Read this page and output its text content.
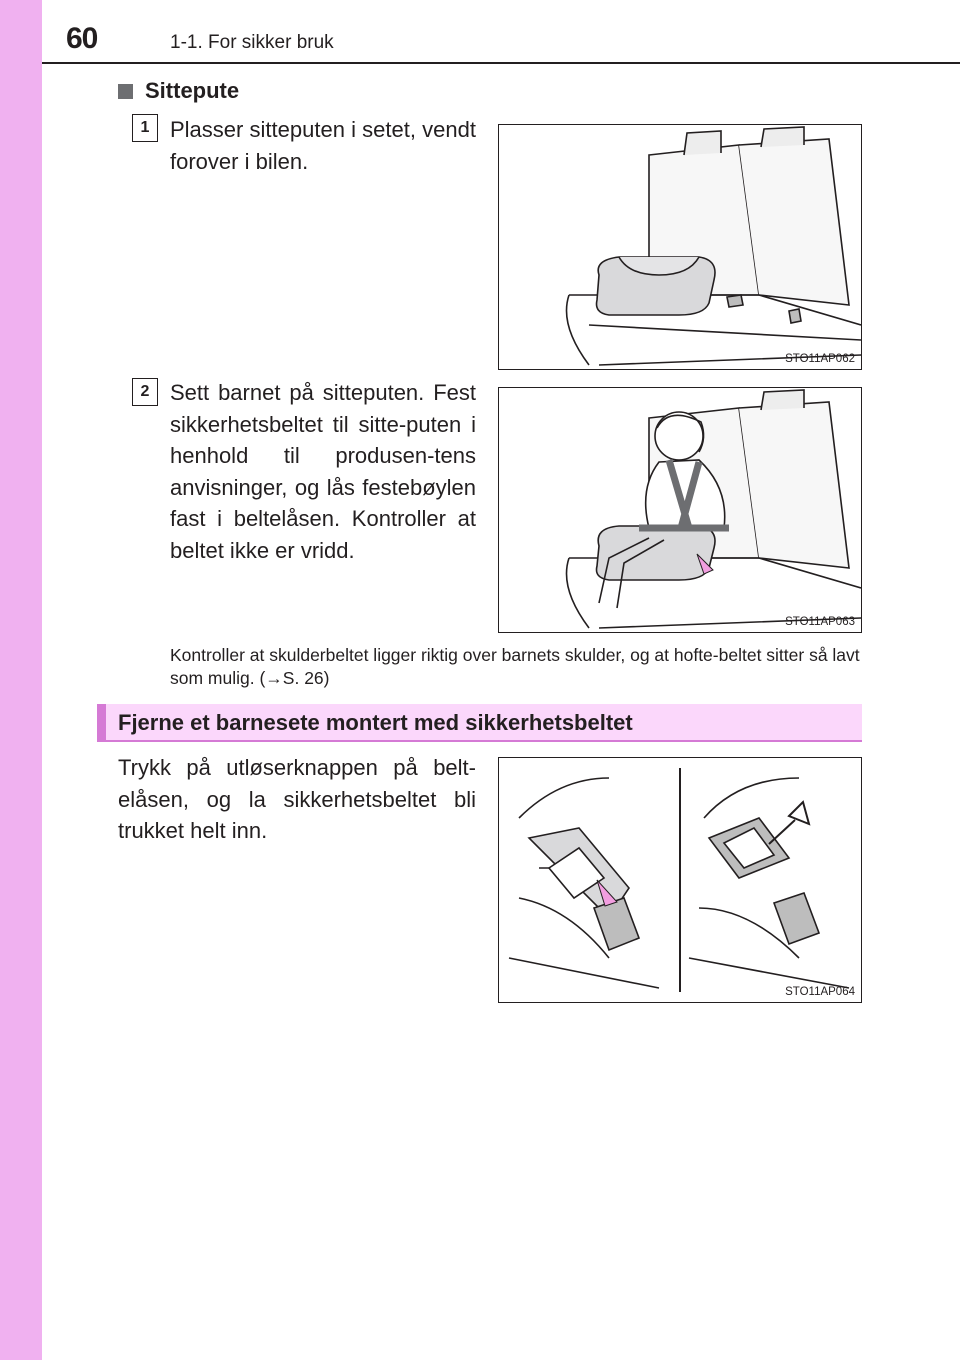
60	1-1. For sikker bruk
Sittepute
1 Plasser sitteputen i setet, vendt forover i bilen.
STO11AP062
2 Sett barnet på sitteputen. Fest sikkerhetsbeltet til sitte-puten i henhold til produsen-tens anvisninger, og lås festebøylen fast i beltelåsen. Kontroller at beltet ikke er vridd.
STO11AP063
Kontroller at skulderbeltet ligger riktig over barnets skulder, og at hofte-beltet sitter så lavt som mulig. (→S. 26)
Fjerne et barnesete montert med sikkerhetsbeltet
Trykk på utløserknappen på belt-elåsen, og la sikkerhetsbeltet bli trukket helt inn.
STO11AP064
